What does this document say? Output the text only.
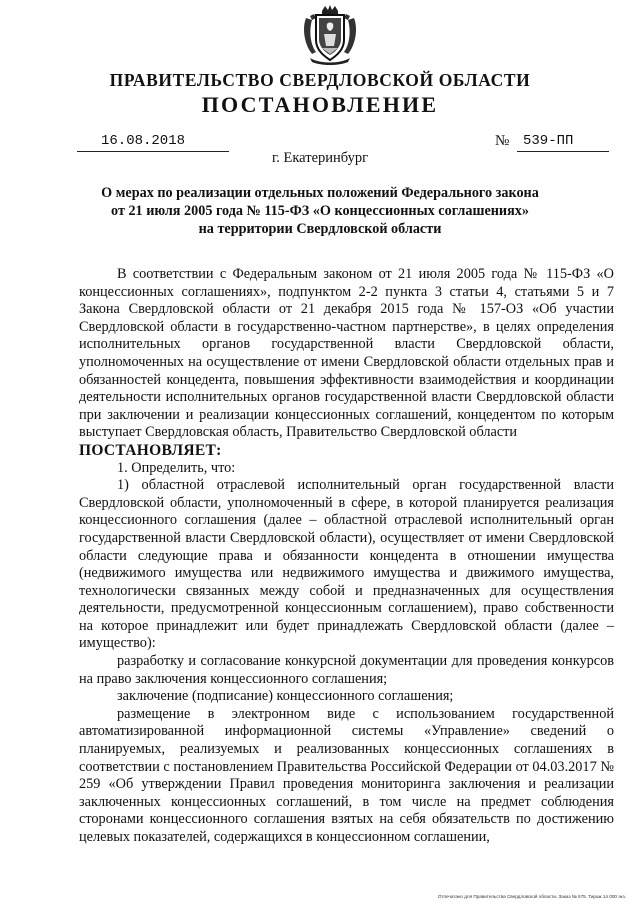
ПРАВИТЕЛЬСТВО СВЕРДЛОВСКОЙ ОБЛАСТИ
ПОСТАНОВЛЕНИЕ
16.08.2018	№ 539-ПП
г. Екатеринбург
О мерах по реализации отдельных положений Федерального закона
от 21 июля 2005 года № 115-ФЗ «О концессионных соглашениях»
на территории Свердловской области

В соответствии с Федеральным законом от 21 июля 2005 года № 115-ФЗ «О концессионных соглашениях», подпунктом 2-2 пункта 3 статьи 4, статьями 5 и 7 Закона Свердловской области от 21 декабря 2015 года № 157-ОЗ «Об участии Свердловской области в государственно-частном партнерстве», в целях определения исполнительных органов государственной власти Свердловской области, уполномоченных на осуществление от имени Свердловской области отдельных прав и обязанностей концедента, повышения эффективности взаимодействия и координации деятельности исполнительных органов государственной власти Свердловской области при заключении и реализации концессионных соглашений, концедентом по которым выступает Свердловская область, Правительство Свердловской области

ПОСТАНОВЛЯЕТ:

1. Определить, что:

1) областной отраслевой исполнительный орган государственной власти Свердловской области, уполномоченный в сфере, в которой планируется реализация концессионного соглашения (далее – областной отраслевой исполнительный орган государственной власти Свердловской области), осуществляет от имени Свердловской области следующие права и обязанности концедента в отношении имущества (недвижимого имущества или недвижимого имущества и движимого имущества, технологически связанных между собой и предназначенных для осуществления деятельности, предусмотренной концессионным соглашением), право собственности на которое принадлежит или будет принадлежать Свердловской области (далее – имущество):

разработку и согласование конкурсной документации для проведения конкурсов на право заключения концессионного соглашения;

заключение (подписание) концессионного соглашения;

размещение в электронном виде с использованием государственной автоматизированной информационной системы «Управление» сведений о планируемых, реализуемых и реализованных концессионных соглашениях в соответствии с постановлением Правительства Российской Федерации от 04.03.2017 № 259 «Об утверждении Правил проведения мониторинга заключения и реализации заключенных концессионных соглашений, в том числе на предмет соблюдения сторонами концессионного соглашения взятых на себя обязательств по достижению целевых показателей, содержащихся в концессионном соглашении,

Отпечатано для Правительства Свердловской области. Заказ № 575. Тираж 14 000 экз.
